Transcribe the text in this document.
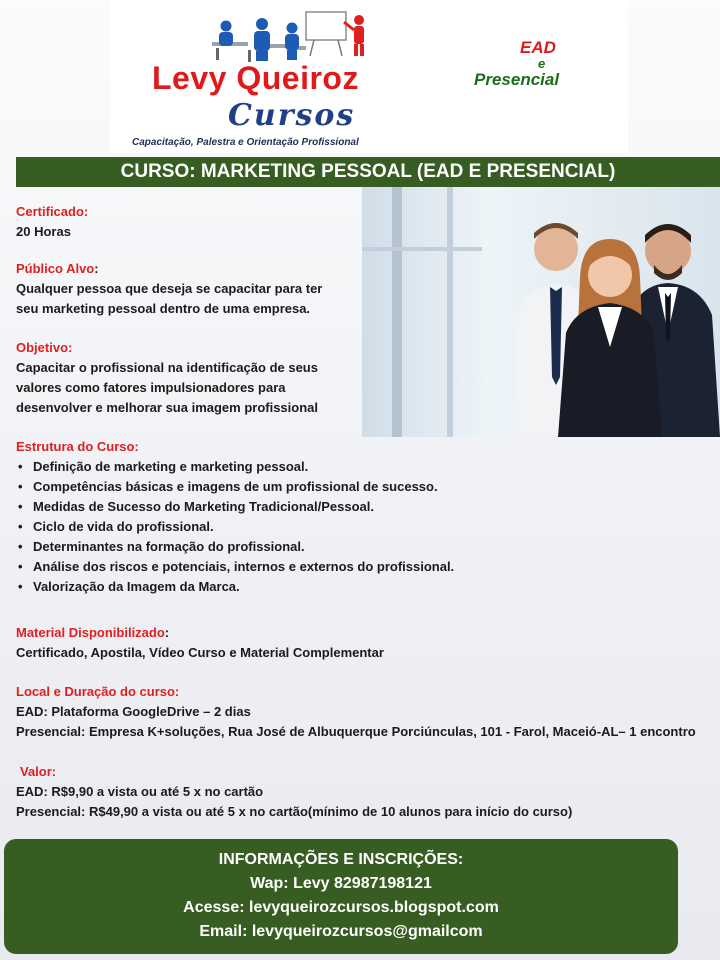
Levy Queiroz
Cursos
Capacitação, Palestra e Orientação Profissional
EAD
e
Presencial
CURSO: MARKETING PESSOAL (EAD E PRESENCIAL)
Certificado:
20 Horas
Público Alvo:
Qualquer pessoa que deseja se capacitar para ter
seu marketing pessoal dentro de uma empresa.
Objetivo:
Capacitar o profissional na identificação de seus
valores como fatores impulsionadores para
desenvolver e melhorar sua imagem profissional
Estrutura do Curso:
• Definição de marketing e marketing pessoal.
• Competências básicas e imagens de um profissional de sucesso.
• Medidas de Sucesso do Marketing Tradicional/Pessoal.
• Ciclo de vida do profissional.
• Determinantes na formação do profissional.
• Análise dos riscos e potenciais, internos e externos do profissional.
• Valorização da Imagem da Marca.
Material Disponibilizado:
Certificado, Apostila, Vídeo Curso e Material Complementar
Local e Duração do curso:
EAD: Plataforma GoogleDrive – 2 dias
Presencial: Empresa K+soluções, Rua José de Albuquerque Porciúnculas, 101 - Farol, Maceió-AL– 1 encontro
Valor:
EAD: R$9,90 a vista ou até 5 x no cartão
Presencial: R$49,90 a vista ou até 5 x no cartão(mínimo de 10 alunos para início do curso)
INFORMAÇÕES E INSCRIÇÕES:
Wap: Levy 82987198121
Acesse: levyqueirozcursos.blogspot.com
Email: levyqueirozcursos@gmailcom
